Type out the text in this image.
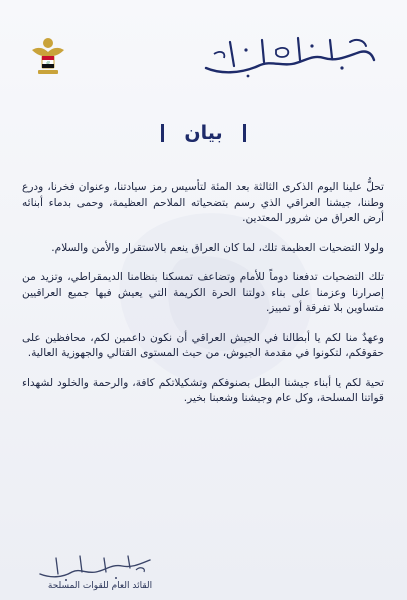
الله
بيان

تحلُّ علينا اليوم الذكرى الثالثة بعد المئة لتأسيس رمز سيادتنا، وعنوان فخرنا، ودرع وطننا، جيشنا العراقي الذي رسم بتضحياته الملاحم العظيمة، وحمى بدماء أبنائه أرض العراق من شرور المعتدين.

ولولا التضحيات العظيمة تلك، لما كان العراق ينعم بالاستقرار والأمن والسلام.

تلك التضحيات تدفعنا دوماً للأمام وتضاعف تمسكنا بنظامنا الديمقراطي، وتزيد من إصرارنا وعزمنا على بناء دولتنا الحرة الكريمة التي يعيش فيها جميع العراقيين متساوين بلا تفرقة أو تمييز.

وعهدٌ منا لكم يا أبطالنا في الجيش العراقي أن نكون داعمين لكم، محافظين على حقوقكم، لتكونوا في مقدمة الجيوش، من حيث المستوى القتالي والجهوزية العالية.

تحية لكم يا أبناء جيشنا البطل بصنوفكم وتشكيلاتكم كافة، والرحمة والخلود لشهداء قواتنا المسلحة، وكل عام وجيشنا وشعبنا بخير.

القائد العام للقوات المسلحة
